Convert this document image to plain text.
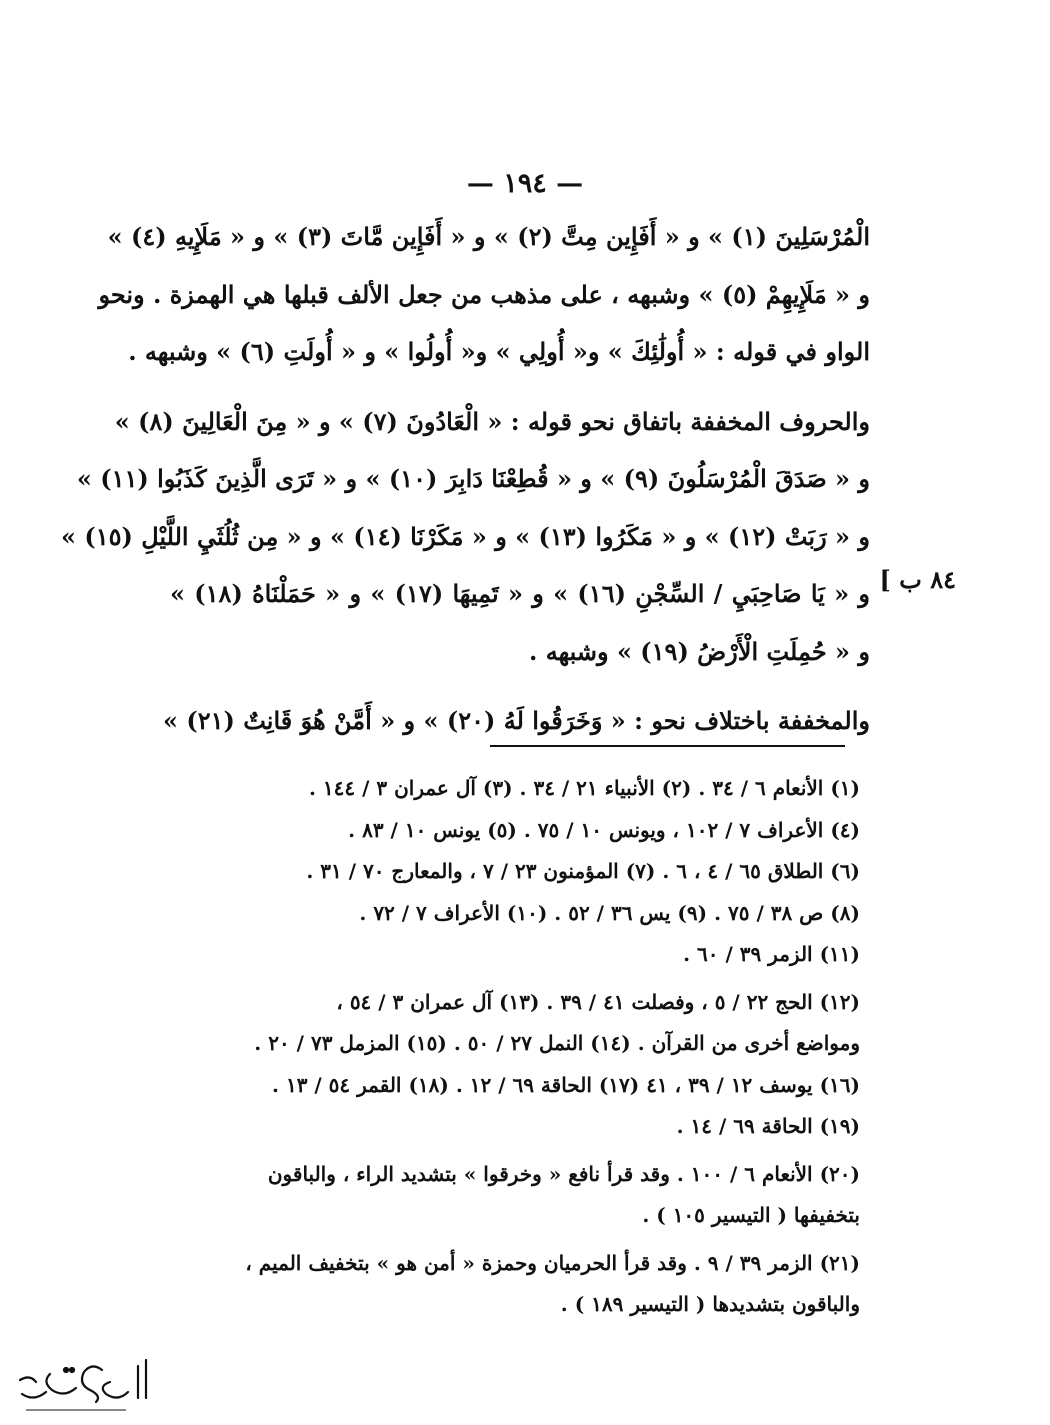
— ١٩٤ —
٨٤ ب ]
الْمُرْسَلِينَ (١) » و « أَفَإِين مِتَّ (٢) » و « أَفَإِين مَّاتَ (٣) » و « مَلَإِيهِ (٤) »
و « مَلَإِيهِمْ (٥) » وشبهه ، على مذهب من جعل الألف قبلها هي الهمزة . ونحو
الواو في قوله : « أُولَٰئِكَ » و« أُولِي » و« أُولُوا » و « أُولَتِ (٦) » وشبهه .
والحروف المخففة باتفاق نحو قوله : « الْعَادُونَ (٧) » و « مِنَ الْعَالِينَ (٨) »
و « صَدَقَ الْمُرْسَلُونَ (٩) » و « قُطِعْنَا دَابِرَ (١٠) » و « تَرَى الَّذِينَ كَذَبُوا (١١) »
و « رَبَتْ (١٢) » و « مَكَرُوا (١٣) » و « مَكَرْنَا (١٤) » و « مِن ثُلُثَيِ اللَّيْلِ (١٥) »
و « يَا صَاحِبَيِ / السِّجْنِ (١٦) » و « تَمِيهَا (١٧) » و « حَمَلْنَاهُ (١٨) »
و « حُمِلَتِ الْأَرْضُ (١٩) » وشبهه .
والمخففة باختلاف نحو : « وَخَرَقُوا لَهُ (٢٠) » و « أَمَّنْ هُوَ قَانِتٌ (٢١) »
(١) الأنعام ٦ / ٣٤ . (٢) الأنبياء ٢١ / ٣٤ . (٣) آل عمران ٣ / ١٤٤ .
(٤) الأعراف ٧ / ١٠٢ ، ويونس ١٠ / ٧٥ . (٥) يونس ١٠ / ٨٣ .
(٦) الطلاق ٦٥ / ٤ ، ٦ . (٧) المؤمنون ٢٣ / ٧ ، والمعارج ٧٠ / ٣١ .
(٨) ص ٣٨ / ٧٥ . (٩) يس ٣٦ / ٥٢ . (١٠) الأعراف ٧ / ٧٢ .
(١١) الزمر ٣٩ / ٦٠ .
(١٢) الحج ٢٢ / ٥ ، وفصلت ٤١ / ٣٩ . (١٣) آل عمران ٣ / ٥٤ ،
ومواضع أخرى من القرآن . (١٤) النمل ٢٧ / ٥٠ . (١٥) المزمل ٧٣ / ٢٠ .
(١٦) يوسف ١٢ / ٣٩ ، ٤١ (١٧) الحاقة ٦٩ / ١٢ . (١٨) القمر ٥٤ / ١٣ .
(١٩) الحاقة ٦٩ / ١٤ .
(٢٠) الأنعام ٦ / ١٠٠ . وقد قرأ نافع « وخرقوا » بتشديد الراء ، والباقون
بتخفيفها ( التيسير ١٠٥ ) .
(٢١) الزمر ٣٩ / ٩ . وقد قرأ الحرميان وحمزة « أمن هو » بتخفيف الميم ،
والباقون بتشديدها ( التيسير ١٨٩ ) .
